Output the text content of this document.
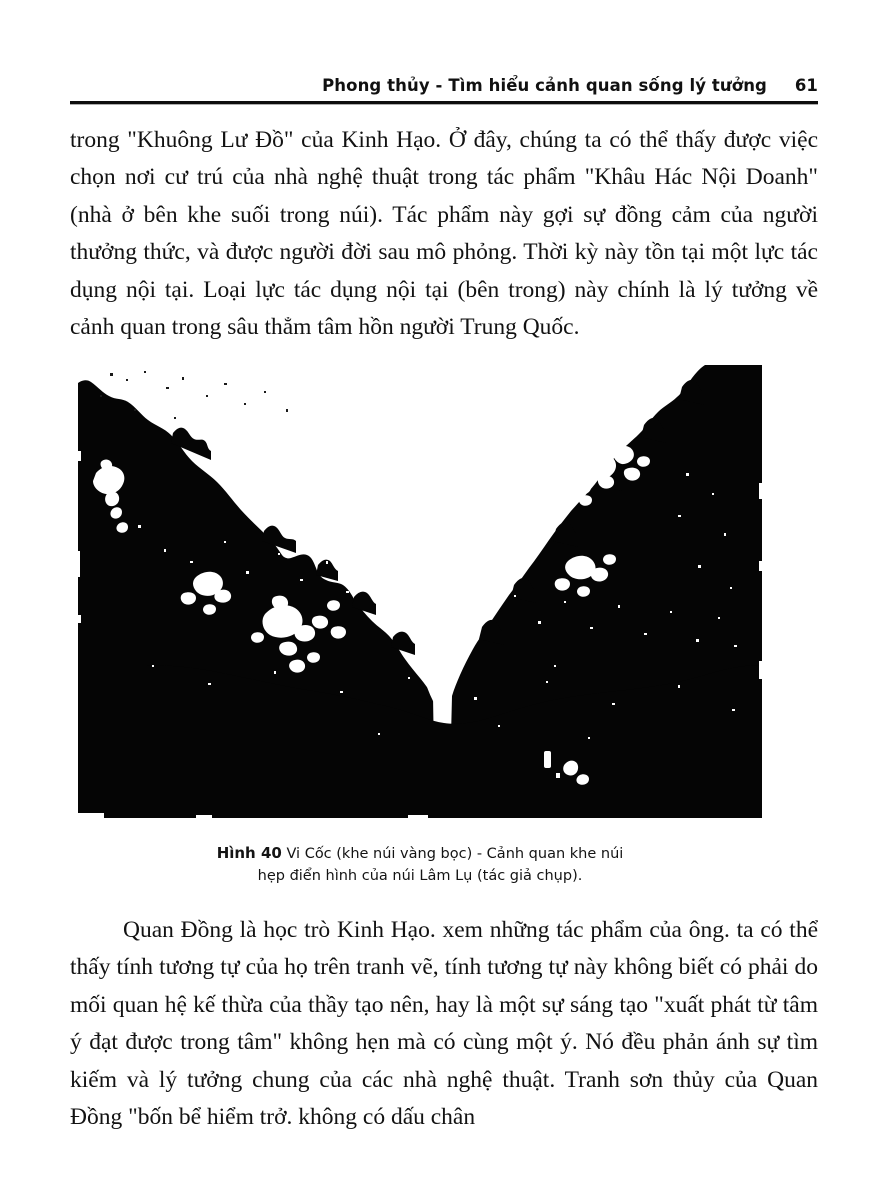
Phong thủy - Tìm hiểu cảnh quan sống lý tưởng 61

trong "Khuông Lư Đồ" của Kinh Hạo. Ở đây, chúng ta có thể thấy được việc chọn nơi cư trú của nhà nghệ thuật trong tác phẩm "Khâu Hác Nội Doanh" (nhà ở bên khe suối trong núi). Tác phẩm này gợi sự đồng cảm của người thưởng thức, và được người đời sau mô phỏng. Thời kỳ này tồn tại một lực tác dụng nội tại. Loại lực tác dụng nội tại (bên trong) này chính là lý tưởng về cảnh quan trong sâu thẳm tâm hồn người Trung Quốc.

Hình 40 Vi Cốc (khe núi vàng bọc) - Cảnh quan khe núi
hẹp điển hình của núi Lâm Lụ (tác giả chụp).

Quan Đồng là học trò Kinh Hạo. xem những tác phẩm của ông. ta có thể thấy tính tương tự của họ trên tranh vẽ, tính tương tự này không biết có phải do mối quan hệ kế thừa của thầy tạo nên, hay là một sự sáng tạo "xuất phát từ tâm ý đạt được trong tâm" không hẹn mà có cùng một ý. Nó đều phản ánh sự tìm kiếm và lý tưởng chung của các nhà nghệ thuật. Tranh sơn thủy của Quan Đồng "bốn bể hiểm trở. không có dấu chân
